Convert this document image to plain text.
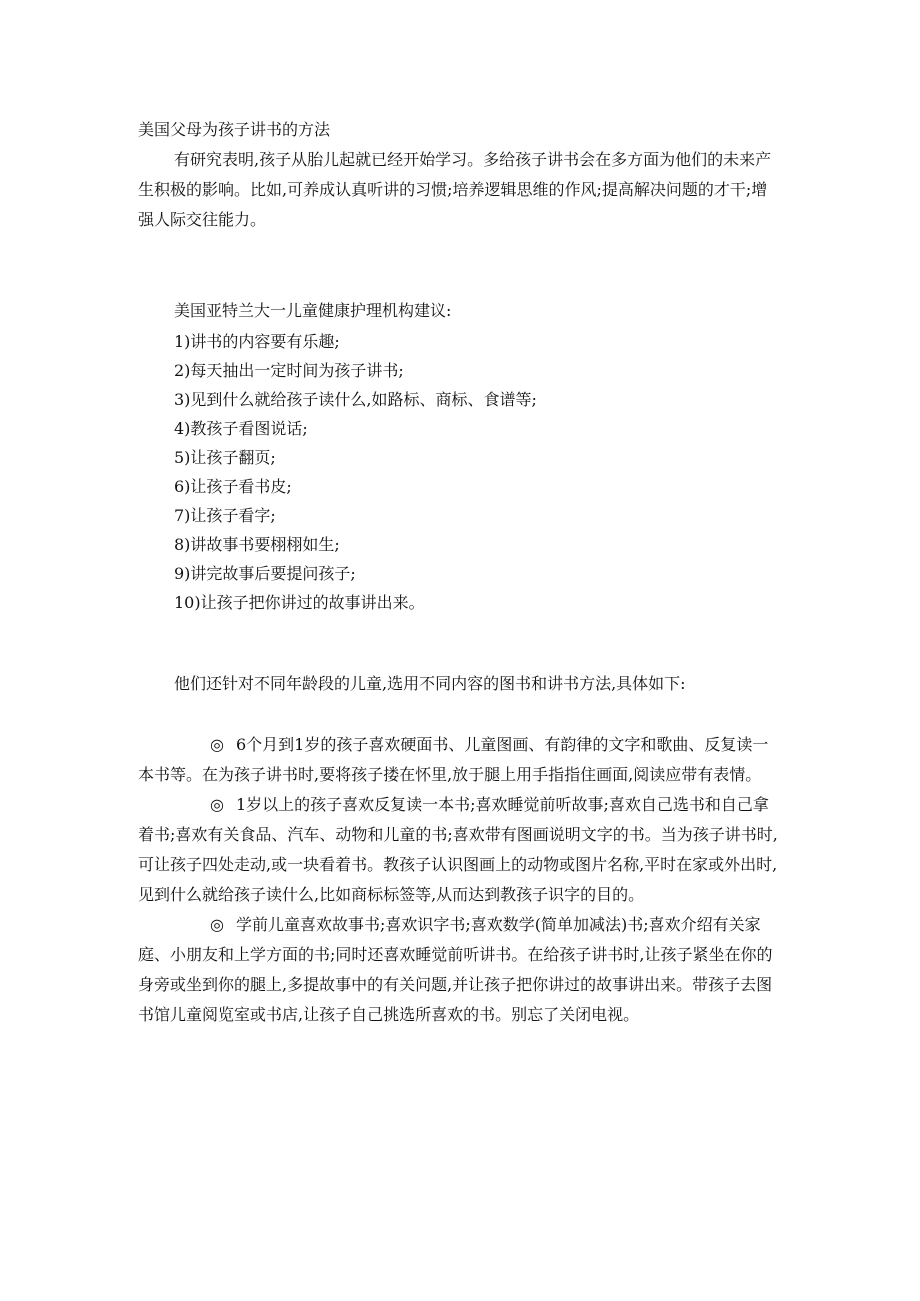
美国父母为孩子讲书的方法

有研究表明,孩子从胎儿起就已经开始学习。多给孩子讲书会在多方面为他们的未来产生积极的影响。比如,可养成认真听讲的习惯;培养逻辑思维的作风;提高解决问题的才干;增强人际交往能力。

美国亚特兰大一儿童健康护理机构建议:

1)讲书的内容要有乐趣;
2)每天抽出一定时间为孩子讲书;
3)见到什么就给孩子读什么,如路标、商标、食谱等;
4)教孩子看图说话;
5)让孩子翻页;
6)让孩子看书皮;
7)让孩子看字;
8)讲故事书要栩栩如生;
9)讲完故事后要提问孩子;
10)让孩子把你讲过的故事讲出来。

他们还针对不同年龄段的儿童,选用不同内容的图书和讲书方法,具体如下:

◎ 6个月到1岁的孩子喜欢硬面书、儿童图画、有韵律的文字和歌曲、反复读一本书等。在为孩子讲书时,要将孩子搂在怀里,放于腿上用手指指住画面,阅读应带有表情。

◎ 1岁以上的孩子喜欢反复读一本书;喜欢睡觉前听故事;喜欢自己选书和自己拿着书;喜欢有关食品、汽车、动物和儿童的书;喜欢带有图画说明文字的书。当为孩子讲书时,可让孩子四处走动,或一块看着书。教孩子认识图画上的动物或图片名称,平时在家或外出时,见到什么就给孩子读什么,比如商标标签等,从而达到教孩子识字的目的。

◎ 学前儿童喜欢故事书;喜欢识字书;喜欢数学(简单加减法)书;喜欢介绍有关家庭、小朋友和上学方面的书;同时还喜欢睡觉前听讲书。在给孩子讲书时,让孩子紧坐在你的身旁或坐到你的腿上,多提故事中的有关问题,并让孩子把你讲过的故事讲出来。带孩子去图书馆儿童阅览室或书店,让孩子自己挑选所喜欢的书。别忘了关闭电视。
